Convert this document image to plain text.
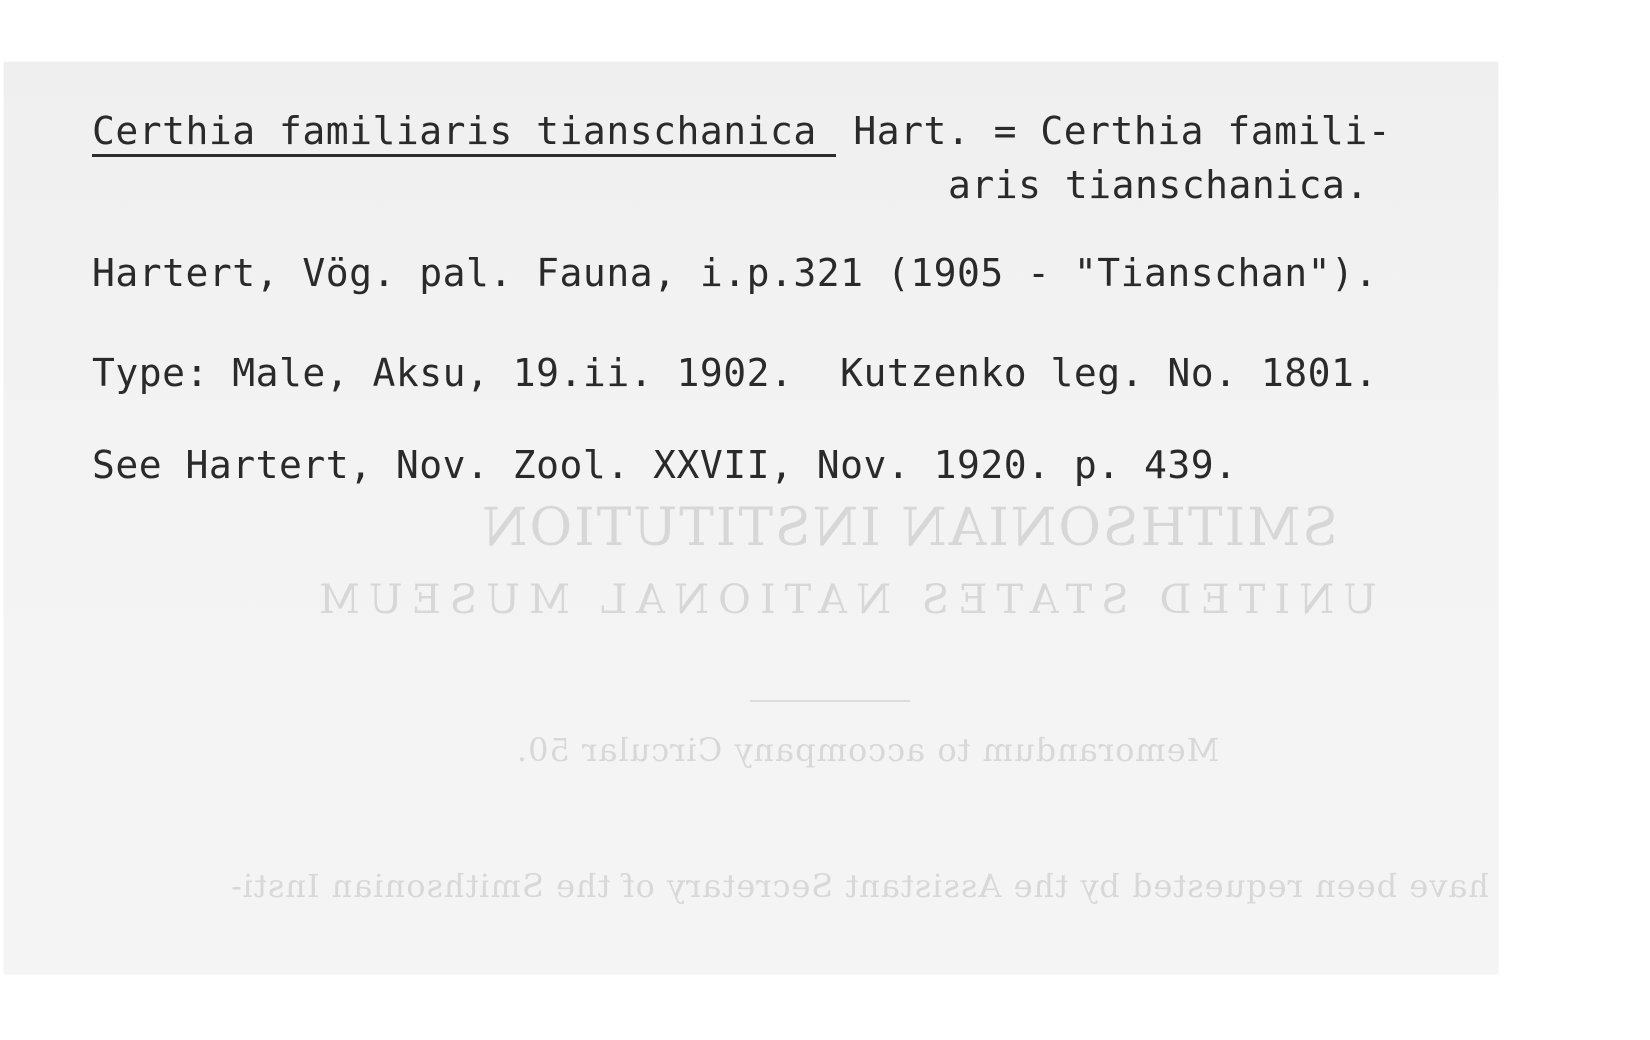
SMITHSONIAN INSTITUTION
UNITED STATES NATIONAL MUSEUM
Memorandum to accompany Circular 50.
have been requested by the Assistant Secretary of the Smithsonian Insti-
Certhia familiaris tianschanica Hart. = Certhia famili-
aris tianschanica.
Hartert, Vög. pal. Fauna, i.p.321 (1905 - "Tianschan").
Type: Male, Aksu, 19.ii. 1902.  Kutzenko leg. No. 1801.
See Hartert, Nov. Zool. XXVII, Nov. 1920. p. 439.
